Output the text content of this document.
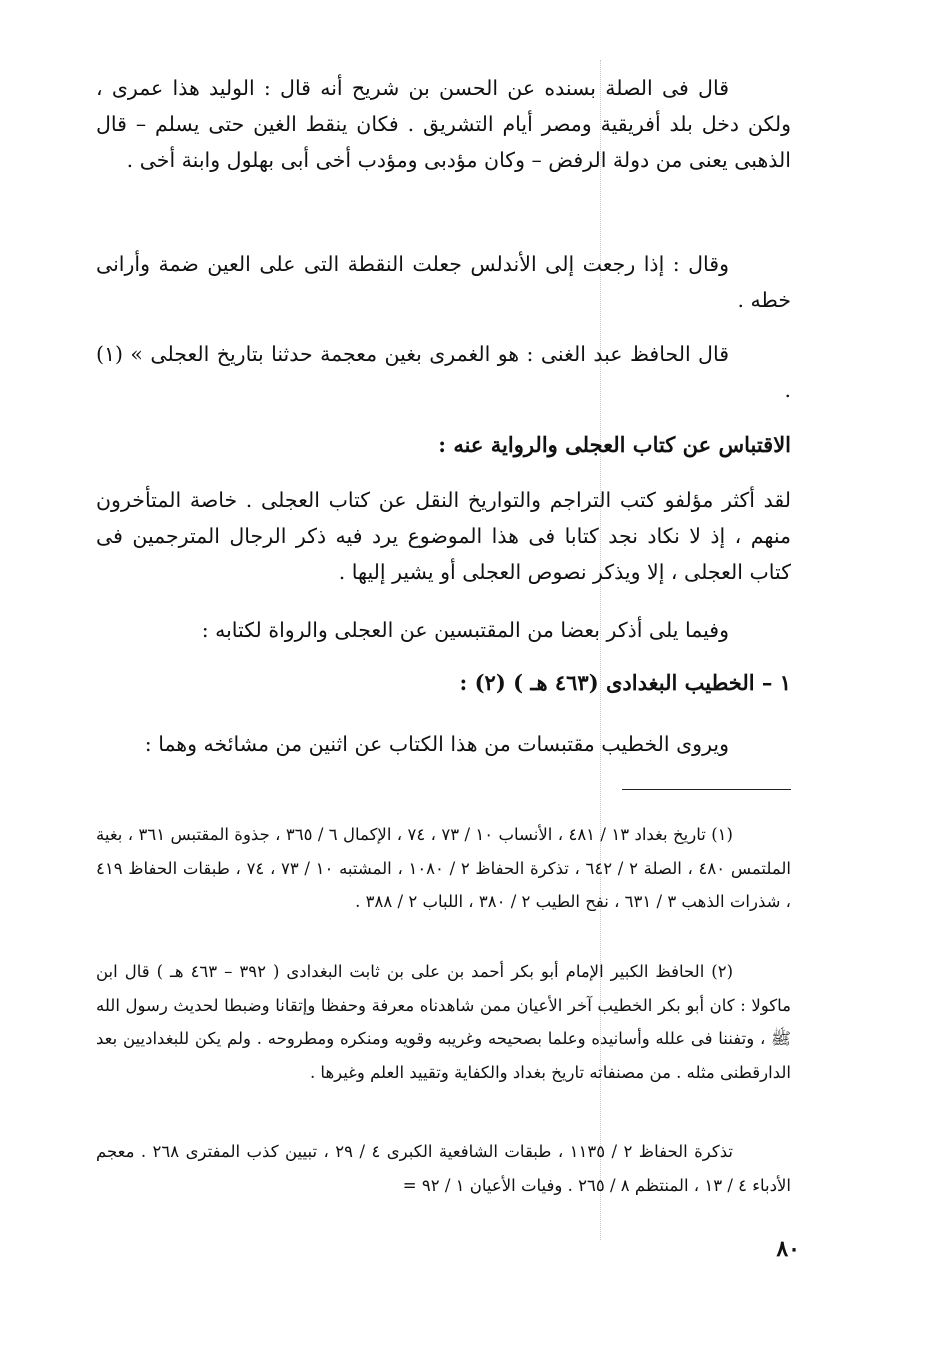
قال فى الصلة بسنده عن الحسن بن شريح أنه قال : الوليد هذا عمرى ، ولكن دخل بلد أفريقية ومصر أيام التشريق . فكان ينقط الغين حتى يسلم – قال الذهبى يعنى من دولة الرفض – وكان مؤدبى ومؤدب أخى أبى بهلول وابنة أخى .

وقال : إذا رجعت إلى الأندلس جعلت النقطة التى على العين ضمة وأرانى خطه .

قال الحافظ عبد الغنى : هو الغمرى بغين معجمة حدثنا بتاريخ العجلى » (١) .

الاقتباس عن كتاب العجلى والرواية عنه :

لقد أكثر مؤلفو كتب التراجم والتواريخ النقل عن كتاب العجلى . خاصة المتأخرون منهم ، إذ لا نكاد نجد كتابا فى هذا الموضوع يرد فيه ذكر الرجال المترجمين فى كتاب العجلى ، إلا ويذكر نصوص العجلى أو يشير إليها .

وفيما يلى أذكر بعضا من المقتبسين عن العجلى والرواة لكتابه :

١ – الخطيب البغدادى (٤٦٣ هـ ) (٢) :

ويروى الخطيب مقتبسات من هذا الكتاب عن اثنين من مشائخه وهما :

(١) تاريخ بغداد ١٣ / ٤٨١ ، الأنساب ١٠ / ٧٣ ، ٧٤ ، الإكمال ٦ / ٣٦٥ ، جذوة المقتبس ٣٦١ ، بغية الملتمس ٤٨٠ ، الصلة ٢ / ٦٤٢ ، تذكرة الحفاظ ٢ / ١٠٨٠ ، المشتبه ١٠ / ٧٣ ، ٧٤ ، طبقات الحفاظ ٤١٩ ، شذرات الذهب ٣ / ٦٣١ ، نفح الطيب ٢ / ٣٨٠ ، اللباب ٢ / ٣٨٨ .

(٢) الحافظ الكبير الإمام أبو بكر أحمد بن على بن ثابت البغدادى ( ٣٩٢ – ٤٦٣ هـ ) قال ابن ماكولا : كان أبو بكر الخطيب آخر الأعيان ممن شاهدناه معرفة وحفظا وإتقانا وضبطا لحديث رسول الله ﷺ ، وتفننا فى علله وأسانيده وعلما بصحيحه وغريبه وقويه ومنكره ومطروحه . ولم يكن للبغداديين بعد الدارقطنى مثله . من مصنفاته تاريخ بغداد والكفاية وتقييد العلم وغيرها .

تذكرة الحفاظ ٢ / ١١٣٥ ، طبقات الشافعية الكبرى ٤ / ٢٩ ، تبيين كذب المفترى ٢٦٨ . معجم الأدباء ٤ / ١٣ ، المنتظم ٨ / ٢٦٥ . وفيات الأعيان ١ / ٩٢ =

٨٠
